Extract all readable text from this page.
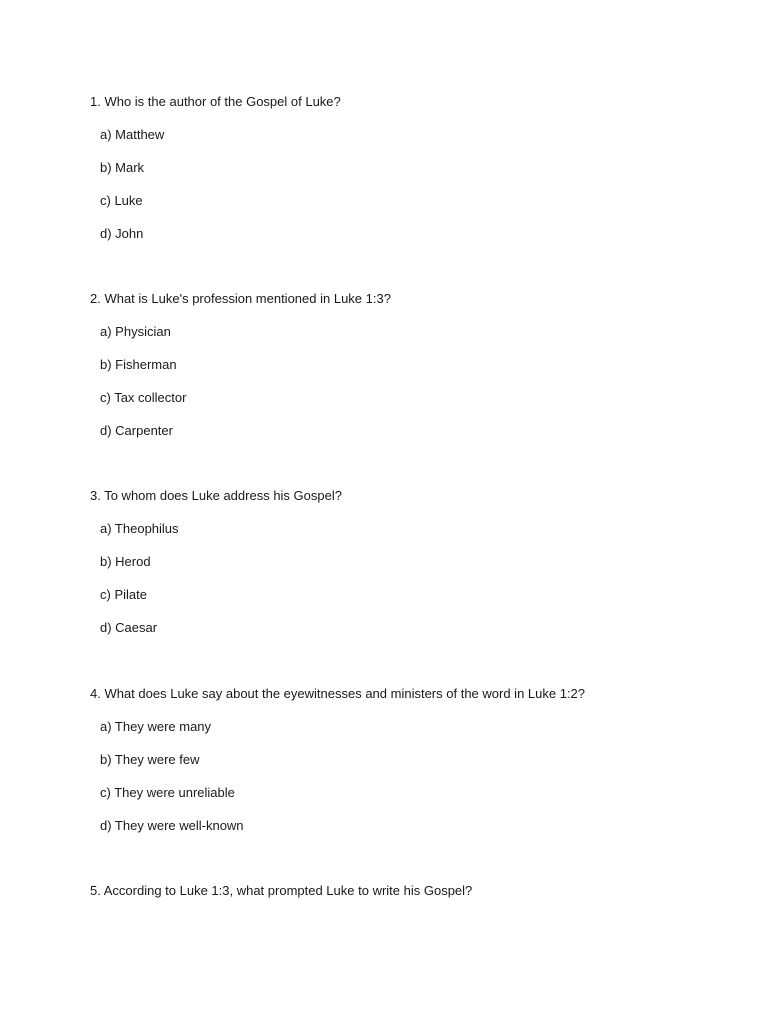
1. Who is the author of the Gospel of Luke?
a) Matthew
b) Mark
c) Luke
d) John
2. What is Luke's profession mentioned in Luke 1:3?
a) Physician
b) Fisherman
c) Tax collector
d) Carpenter
3. To whom does Luke address his Gospel?
a) Theophilus
b) Herod
c) Pilate
d) Caesar
4. What does Luke say about the eyewitnesses and ministers of the word in Luke 1:2?
a) They were many
b) They were few
c) They were unreliable
d) They were well-known
5. According to Luke 1:3, what prompted Luke to write his Gospel?
